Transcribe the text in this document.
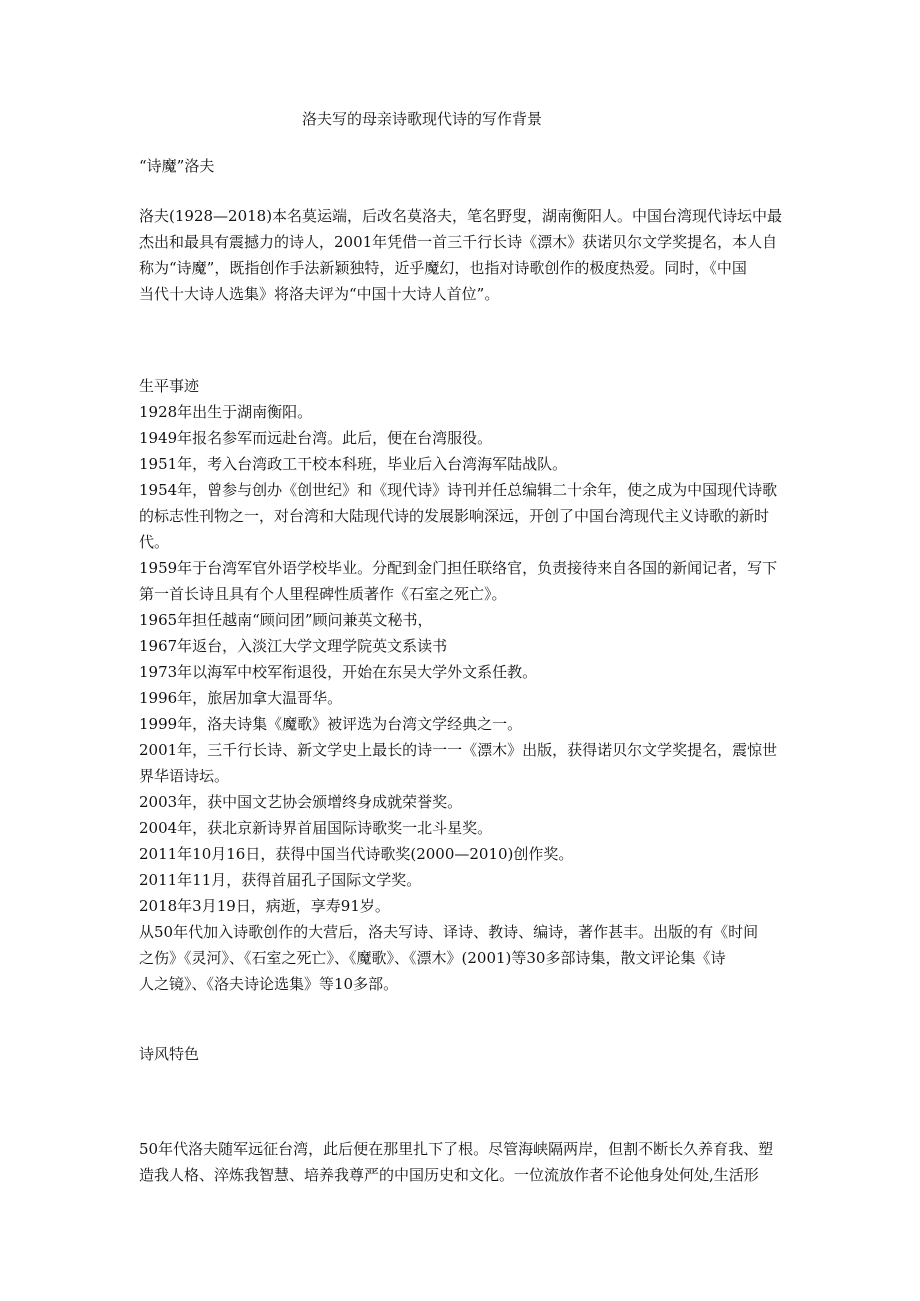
洛夫写的母亲诗歌现代诗的写作背景
“诗魔”洛夫
洛夫(1928—2018)本名莫运端，后改名莫洛夫，笔名野叟，湖南衡阳人。中国台湾现代诗坛中最
杰出和最具有震撼力的诗人，2001年凭借一首三千行长诗《漂木》获诺贝尔文学奖提名，本人自
称为“诗魔”，既指创作手法新颖独特，近乎魔幻，也指对诗歌创作的极度热爱。同时，《中国
当代十大诗人选集》将洛夫评为“中国十大诗人首位”。
生平事迹
1928年出生于湖南衡阳。
1949年报名参军而远赴台湾。此后，便在台湾服役。
1951年，考入台湾政工干校本科班，毕业后入台湾海军陆战队。
1954年，曾参与创办《创世纪》和《现代诗》诗刊并任总编辑二十余年，使之成为中国现代诗歌
的标志性刊物之一，对台湾和大陆现代诗的发展影响深远，开创了中国台湾现代主义诗歌的新时
代。
1959年于台湾军官外语学校毕业。分配到金门担任联络官，负责接待来自各国的新闻记者，写下
第一首长诗且具有个人里程碑性质著作《石室之死亡》。
1965年担任越南“顾问团”顾问兼英文秘书，
1967年返台，入淡江大学文理学院英文系读书
1973年以海军中校军衔退役，开始在东吴大学外文系任教。
1996年，旅居加拿大温哥华。
1999年，洛夫诗集《魔歌》被评选为台湾文学经典之一。
2001年，三千行长诗、新文学史上最长的诗一一《漂木》出版，获得诺贝尔文学奖提名，震惊世
界华语诗坛。
2003年，获中国文艺协会颁增终身成就荣誉奖。
2004年，获北京新诗界首届国际诗歌奖一北斗星奖。
2011年10月16日，获得中国当代诗歌奖(2000—2010)创作奖。
2011年11月，获得首届孔子国际文学奖。
2018年3月19日，病逝，享寿91岁。
从50年代加入诗歌创作的大营后，洛夫写诗、译诗、教诗、编诗，著作甚丰。出版的有《时间
之伤》《灵河》、《石室之死亡》、《魔歌》、《漂木》(2001)等30多部诗集，散文评论集《诗
人之镜》、《洛夫诗论选集》等10多部。
诗风特色
50年代洛夫随军远征台湾，此后便在那里扎下了根。尽管海峡隔两岸，但割不断长久养育我、塑
造我人格、淬炼我智慧、培养我尊严的中国历史和文化。一位流放作者不论他身处何处,生活形
